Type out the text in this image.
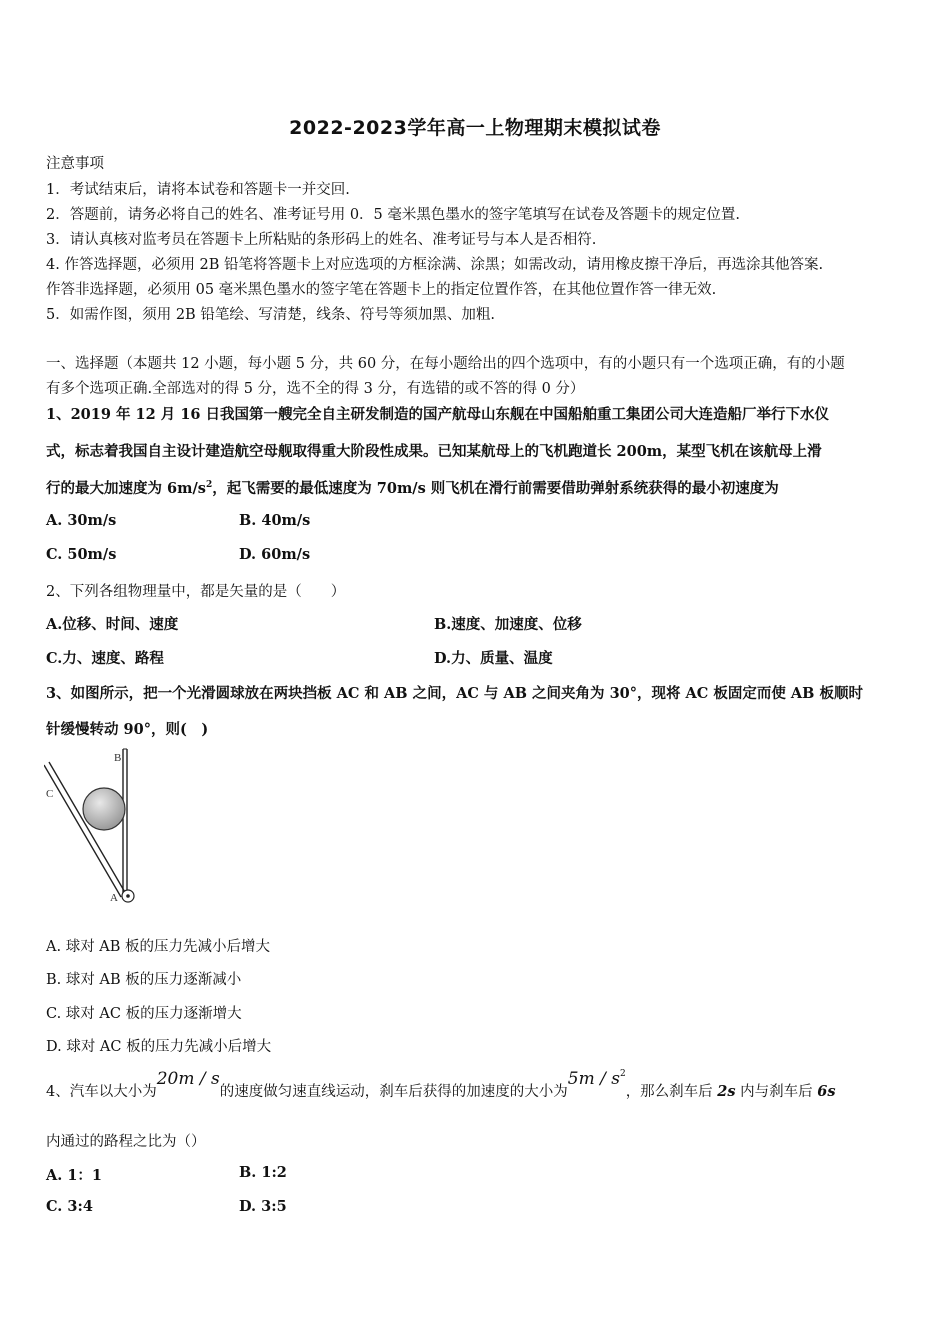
2022-2023学年高一上物理期末模拟试卷
注意事项
1．考试结束后，请将本试卷和答题卡一并交回.
2．答题前，请务必将自己的姓名、准考证号用 0．5 毫米黑色墨水的签字笔填写在试卷及答题卡的规定位置.
3．请认真核对监考员在答题卡上所粘贴的条形码上的姓名、准考证号与本人是否相符.
4. 作答选择题，必须用 2B 铅笔将答题卡上对应选项的方框涂满、涂黑；如需改动，请用橡皮擦干净后，再选涂其他答案.
作答非选择题，必须用 05 毫米黑色墨水的签字笔在答题卡上的指定位置作答，在其他位置作答一律无效.
5．如需作图，须用 2B 铅笔绘、写清楚，线条、符号等须加黑、加粗.
一、选择题（本题共 12 小题，每小题 5 分，共 60 分，在每小题给出的四个选项中，有的小题只有一个选项正确，有的小题
有多个选项正确.全部选对的得 5 分，选不全的得 3 分，有选错的或不答的得 0 分）
1、2019 年 12 月 16 日我国第一艘完全自主研发制造的国产航母山东舰在中国船舶重工集团公司大连造船厂举行下水仪
式，标志着我国自主设计建造航空母舰取得重大阶段性成果。已知某航母上的飞机跑道长 200m，某型飞机在该航母上滑
行的最大加速度为 $6m/s^2$，起飞需要的最低速度为 70m/s 则飞机在滑行前需要借助弹射系统获得的最小初速度为
A. 30m/s	B. 40m/s
C. 50m/s	D. 60m/s
2、下列各组物理量中，都是矢量的是（　　）
A.位移、时间、速度	B.速度、加速度、位移
C.力、速度、路程	D.力、质量、温度
3、如图所示，把一个光滑圆球放在两块挡板 AC 和 AB 之间，AC 与 AB 之间夹角为 30°，现将 AC 板固定而使 AB 板顺时
针缓慢转动 90°，则(　)
B
C
A
A. 球对 AB 板的压力先减小后增大
B. 球对 AB 板的压力逐渐减小
C. 球对 AC 板的压力逐渐增大
D. 球对 AC 板的压力先减小后增大
4、汽车以大小为20m / s的速度做匀速直线运动，刹车后获得的加速度的大小为$5m / s^2$，那么刹车后 2s 内与刹车后 6s
内通过的路程之比为（）
A. 1：1	B. 1:2
C. 3:4	D. 3:5
